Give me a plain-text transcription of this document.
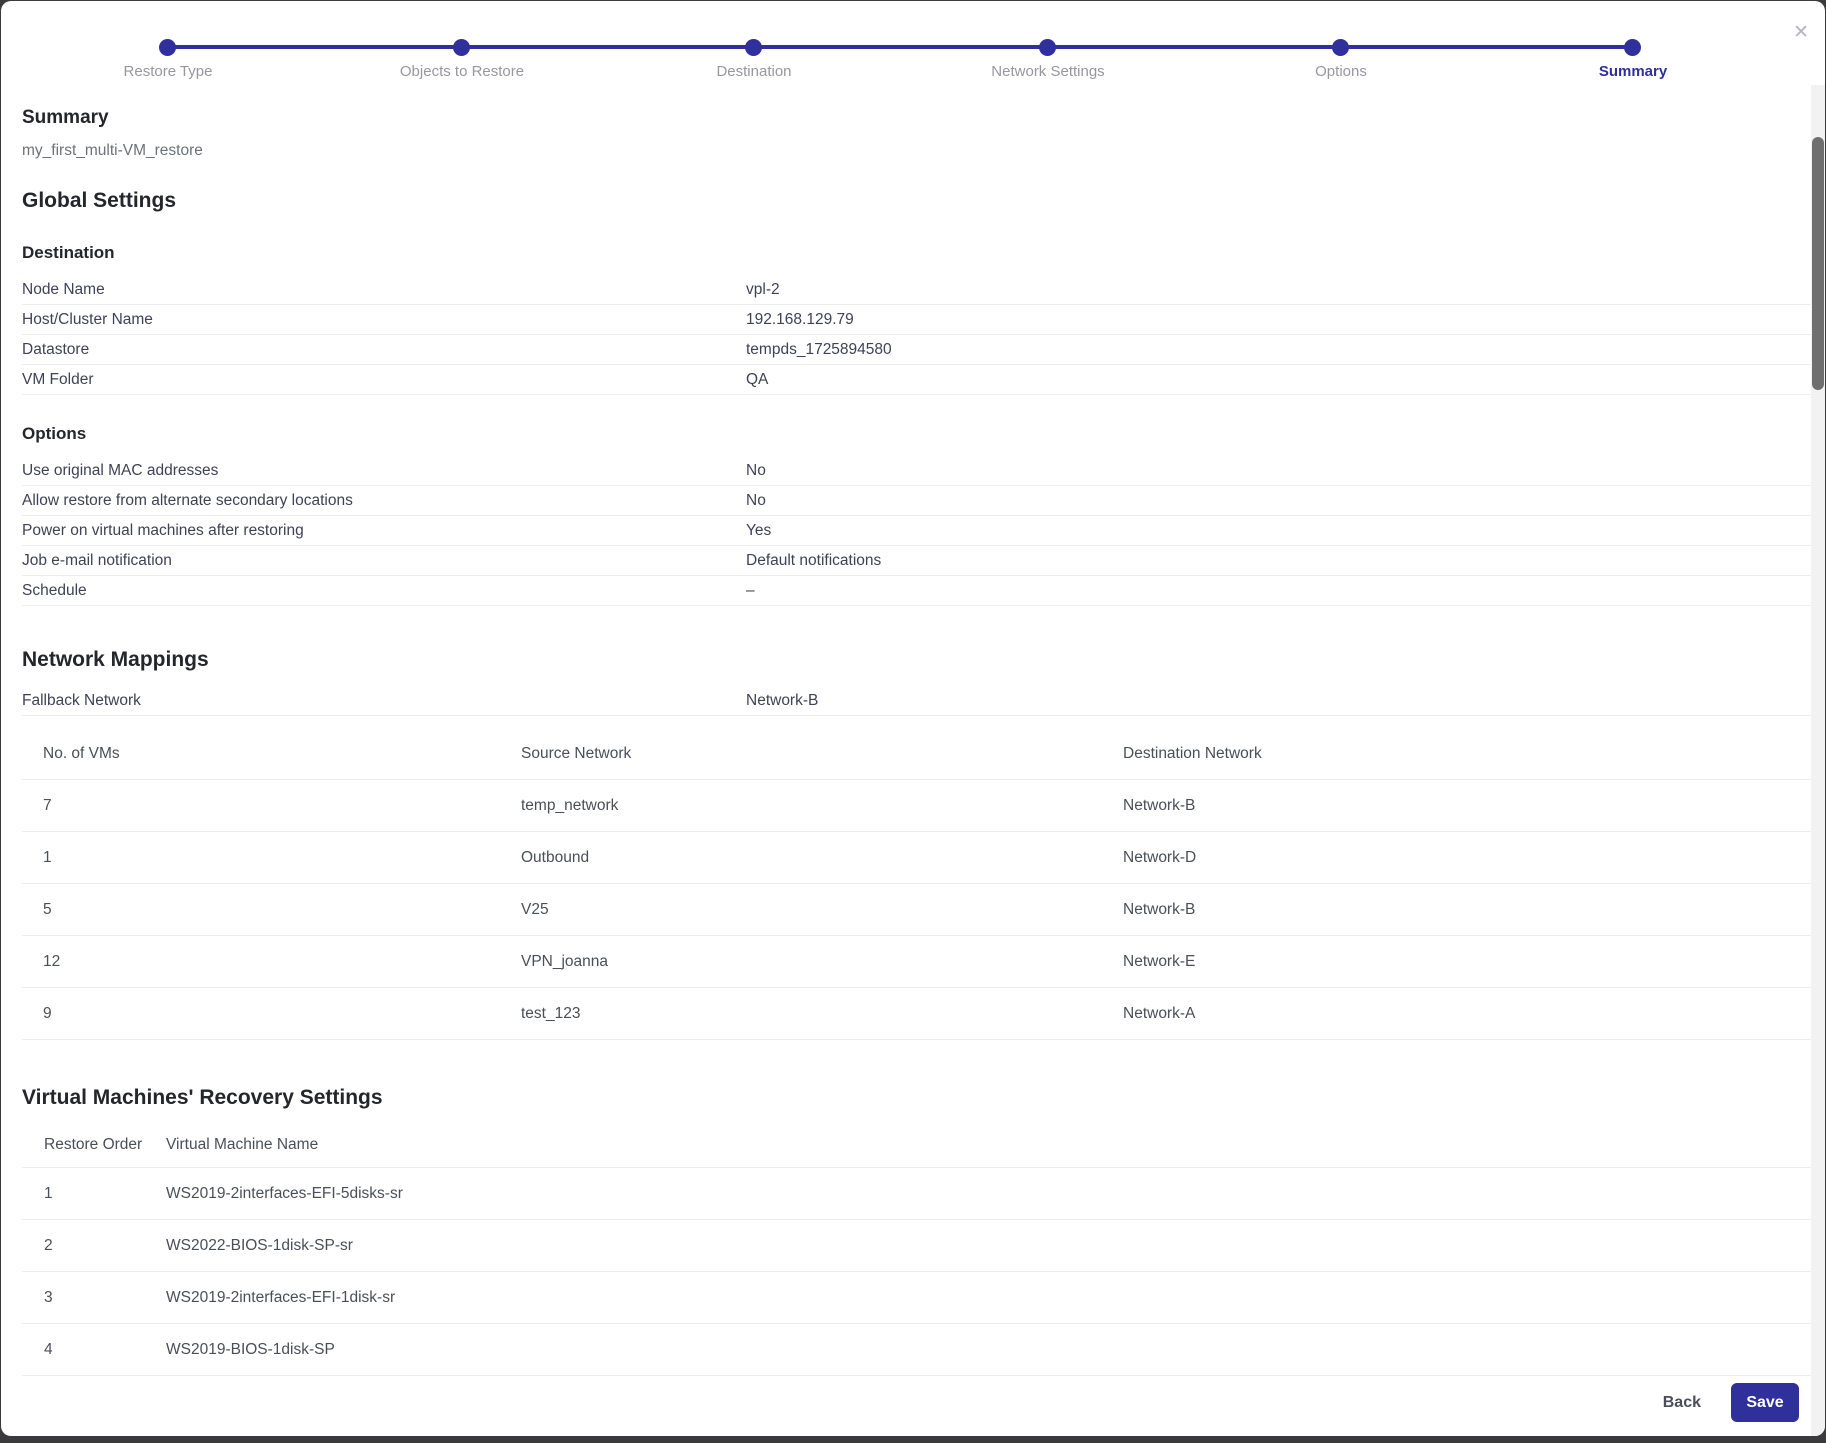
Restore Type	Objects to Restore	Destination	Network Settings	Options	Summary
✕
Summary
my_first_multi-VM_restore
Global Settings
Destination
Node Name	vpl-2
Host/Cluster Name	192.168.129.79
Datastore	tempds_1725894580
VM Folder	QA
Options
Use original MAC addresses	No
Allow restore from alternate secondary locations	No
Power on virtual machines after restoring	Yes
Job e-mail notification	Default notifications
Schedule	–
Network Mappings
Fallback Network	Network-B
No. of VMs	Source Network	Destination Network
7	temp_network	Network-B
1	Outbound	Network-D
5	V25	Network-B
12	VPN_joanna	Network-E
9	test_123	Network-A
Virtual Machines' Recovery Settings
Restore Order	Virtual Machine Name
1	WS2019-2interfaces-EFI-5disks-sr
2	WS2022-BIOS-1disk-SP-sr
3	WS2019-2interfaces-EFI-1disk-sr
4	WS2019-BIOS-1disk-SP
Back	Save
